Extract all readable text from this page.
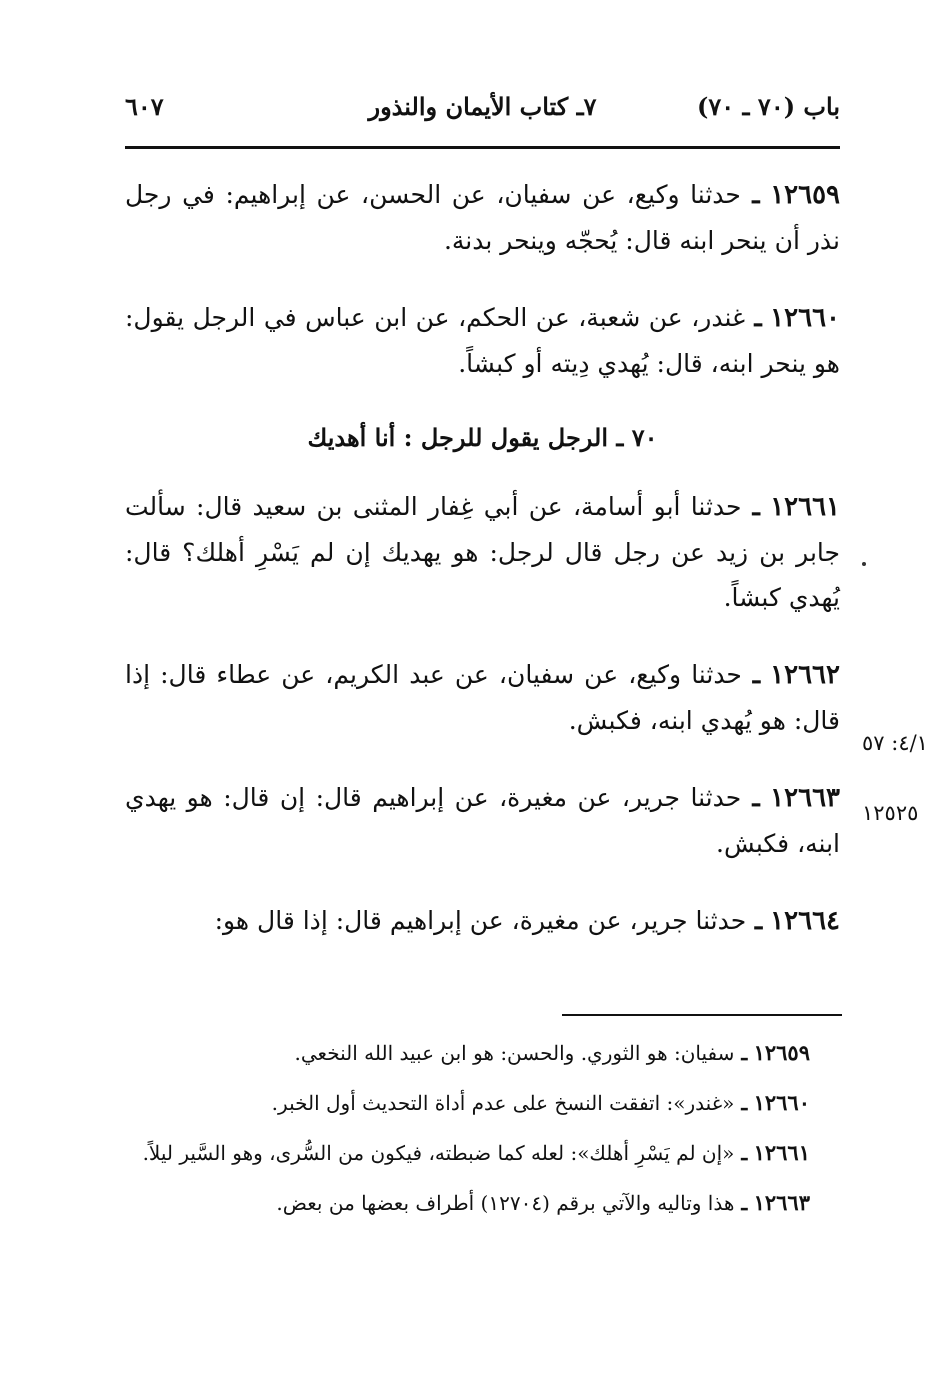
باب (٧٠ ـ ٧٠)
٧ـ كتاب الأيمان والنذور
٦٠٧

١٢٦٥٩ ـ حدثنا وكيع، عن سفيان، عن الحسن، عن إبراهيم: في رجل نذر أن ينحر ابنه قال: يُحجّه وينحر بدنة.

١٢٦٦٠ ـ غندر، عن شعبة، عن الحكم، عن ابن عباس في الرجل يقول: هو ينحر ابنه، قال: يُهدي دِيته أو كبشاً.

٧٠ ـ الرجل يقول للرجل : أنا أهديك

١٢٦٦١ ـ حدثنا أبو أسامة، عن أبي غِفار المثنى بن سعيد قال: سألت جابر بن زيد عن رجل قال لرجل: هو يهديك إن لم يَسْرِ أهلك؟ قال: يُهدي كبشاً.

١٢٦٦٢ ـ حدثنا وكيع، عن سفيان، عن عبد الكريم، عن عطاء قال: إذا قال: هو يُهدي ابنه، فكبش.

١٢٦٦٣ ـ حدثنا جرير، عن مغيرة، عن إبراهيم قال: إن قال: هو يهدي ابنه، فكبش.

١٢٦٦٤ ـ حدثنا جرير، عن مغيرة، عن إبراهيم قال: إذا قال هو:

٤/١: ٥٧
١٢٥٢٥

١٢٦٥٩ ـ سفيان: هو الثوري. والحسن: هو ابن عبيد الله النخعي.

١٢٦٦٠ ـ «غندر»: اتفقت النسخ على عدم أداة التحديث أول الخبر.

١٢٦٦١ ـ «إن لم يَسْرِ أهلك»: لعله كما ضبطته، فيكون من السُّرى، وهو السَّير ليلاً.

١٢٦٦٣ ـ هذا وتاليه والآتي برقم (١٢٧٠٤) أطراف بعضها من بعض.
